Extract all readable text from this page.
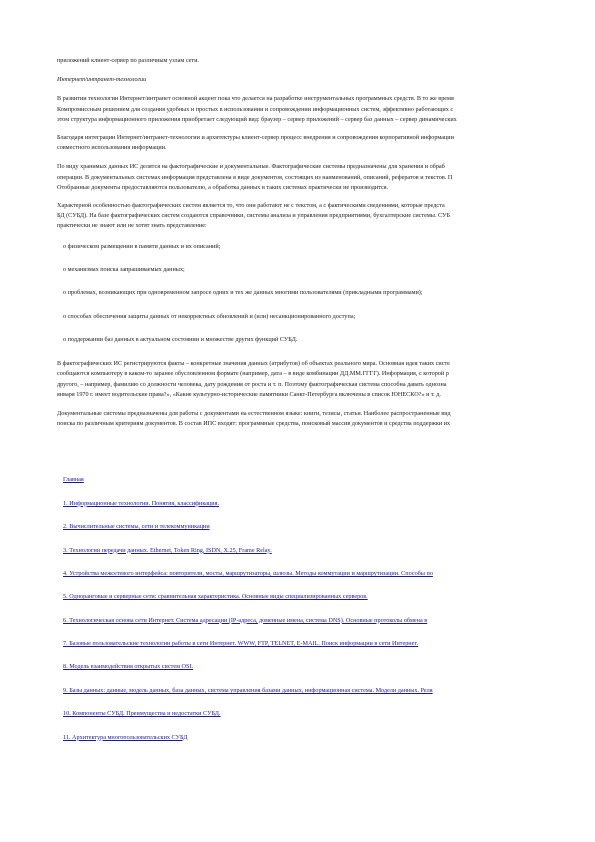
приложений клиент-сервер по различным узлам сети.

Интернет/интранет-технологии

В развитии технологии Интернет/интранет основной акцент пока что делается на разработке инструментальных программных средств. В то же время
Компромиссным решением для создания удобных и простых в использовании и сопровождении информационных систем, эффективно работающих с
этом структура информационного приложения приобретает следующий вид: браузер – сервер приложений – сервер баз данных – сервер динамических
Благодаря интеграции Интернет/интранет-технологии и архитектуры клиент-сервер процесс внедрения и сопровождения корпоративной информации
совместного использования информации.
По виду хранимых данных ИС делятся на фактографические и документальные. Фактографические системы предназначены для хранения и обраб
операции. В документальных системах информация представлена в виде документов, состоящих из наименований, описаний, рефератов и текстов. П
Отобранные документы предоставляются пользователю, а обработка данных в таких системах практически не производится.
Характерной особенностью фактографических систем является то, что они работают не с текстом, а с фактическими сведениями, которые предста
БД (СУБД). На базе фактографических систем создаются справочники, системы анализа и управления предприятиями, бухгалтерские системы. СУБ
практически не знают или не хотят знать представление:
• о физическом размещении в памяти данных и их описаний;
• о механизмах поиска запрашиваемых данных;
• о проблемах, возникающих при одновременном запросе одних и тех же данных многими пользователями (прикладными программами);
• о способах обеспечения защиты данных от некорректных обновлений и (или) несанкционированного доступа;
• о поддержании баз данных в актуальном состоянии и множестве других функций СУБД.
В фактографических ИС регистрируются факты – конкретные значения данных (атрибутов) об объектах реального мира. Основная идея таких систе
сообщаются компьютеру в каком-то заранее обусловленном формате (например, дата – в виде комбинации ДД.ММ.ГГГГ). Информация, с которой р
другого, – например, фамилию со должности человека, дату рождения от роста и т. п. Поэтому фактографическая система способна давать однозна
января 1970 г. имеет водительские права?», «Какие культурно-исторические памятники Санкт-Петербурга включены в список ЮНЕСКО?» и т. д.
Документальные системы предназначены для работы с документами на естественном языке: книги, тезисы, статьи. Наиболее распространенные вид
поиска по различным критериям документов. В состав ИПС входят: программные средства, поисковый массив документов и средства поддержки их
• Главная
• 1. Информационные технологии. Понятия, классификация.
• 2. Вычислительные системы, сети и телекоммуникации
• 3. Технологии передачи данных. Ethernet, Token Ring, ISDN, X.25, Frame Relay.
• 4. Устройства межсетевого интерфейса: повторители, мосты, маршрутизаторы, шлюзы. Методы коммутации и маршрутизации. Способы по
• 5. Одноранговые и серверные сети: сравнительная характеристика. Основные виды специализированных серверов.
• 6. Технологическая основа сети Интернет. Система адресации (IP-адреса, доменные имена, система DNS). Основные протоколы обмена в
• 7. Базовые пользовательские технологии работы в сети Интернет. WWW, FTP, TELNET, E-MAIL. Поиск информации в сети Интернет.
• 8. Модель взаимодействия открытых систем OSI.
• 9. Базы данных: данные, модель данных, база данных, система управления базами данных, информационная система. Модели данных. Реля
• 10. Компоненты СУБД. Преимущества и недостатки СУБД.
• 11. Архитектура многопользовательских СУБД
